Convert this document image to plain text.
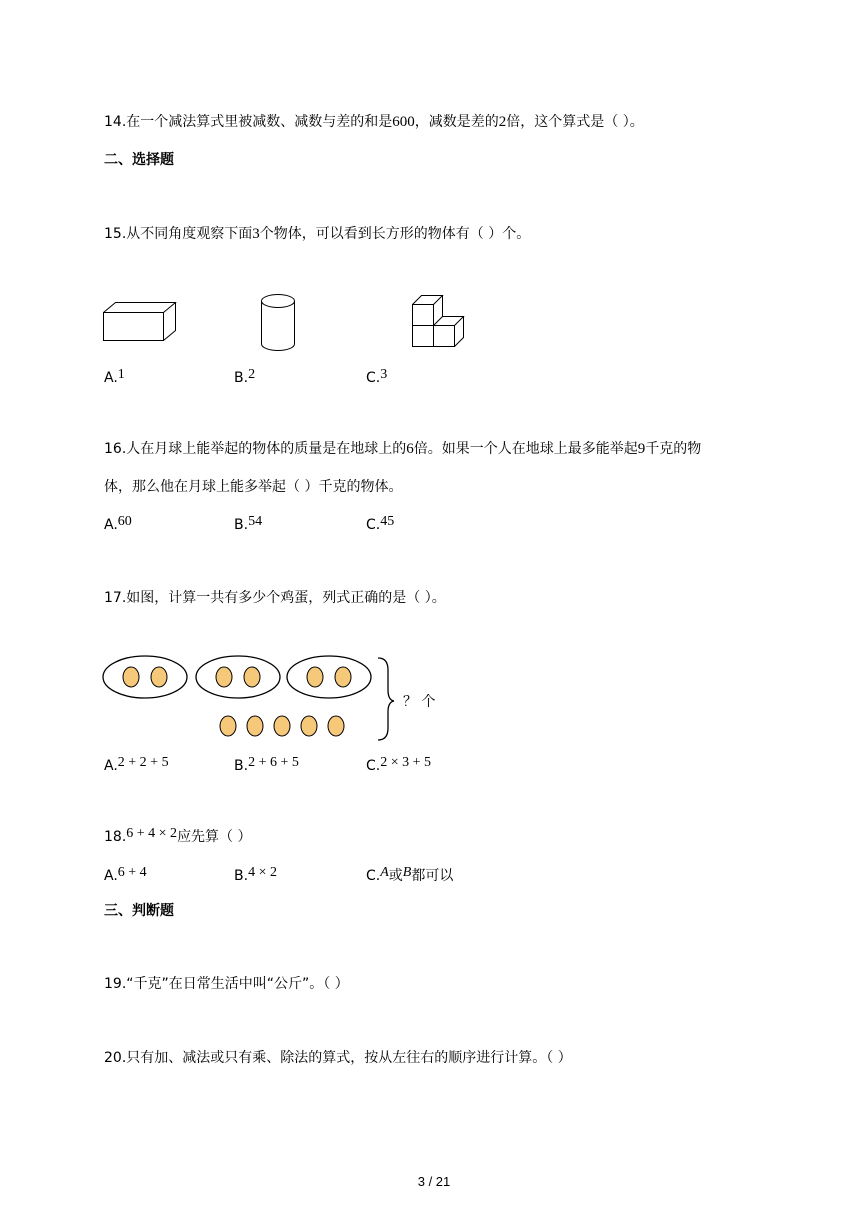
14.在一个减法算式里被减数、减数与差的和是600，减数是差的2倍，这个算式是（ ）。
二、选择题
15.从不同角度观察下面3个物体，可以看到长方形的物体有（ ）个。
A.1	B.2	C.3
16.人在月球上能举起的物体的质量是在地球上的6倍。如果一个人在地球上最多能举起9千克的物
体，那么他在月球上能多举起（ ）千克的物体。
A.60	B.54	C.45
17.如图，计算一共有多少个鸡蛋，列式正确的是（ ）。
？ 个
A.2 + 2 + 5	B.2 + 6 + 5	C.2 × 3 + 5
18.6 + 4 × 2应先算（ ）
A.6 + 4	B.4 × 2	C.A或B都可以
三、判断题
19.“千克”在日常生活中叫“公斤”。（ ）
20.只有加、减法或只有乘、除法的算式，按从左往右的顺序进行计算。（ ）
3 / 21
